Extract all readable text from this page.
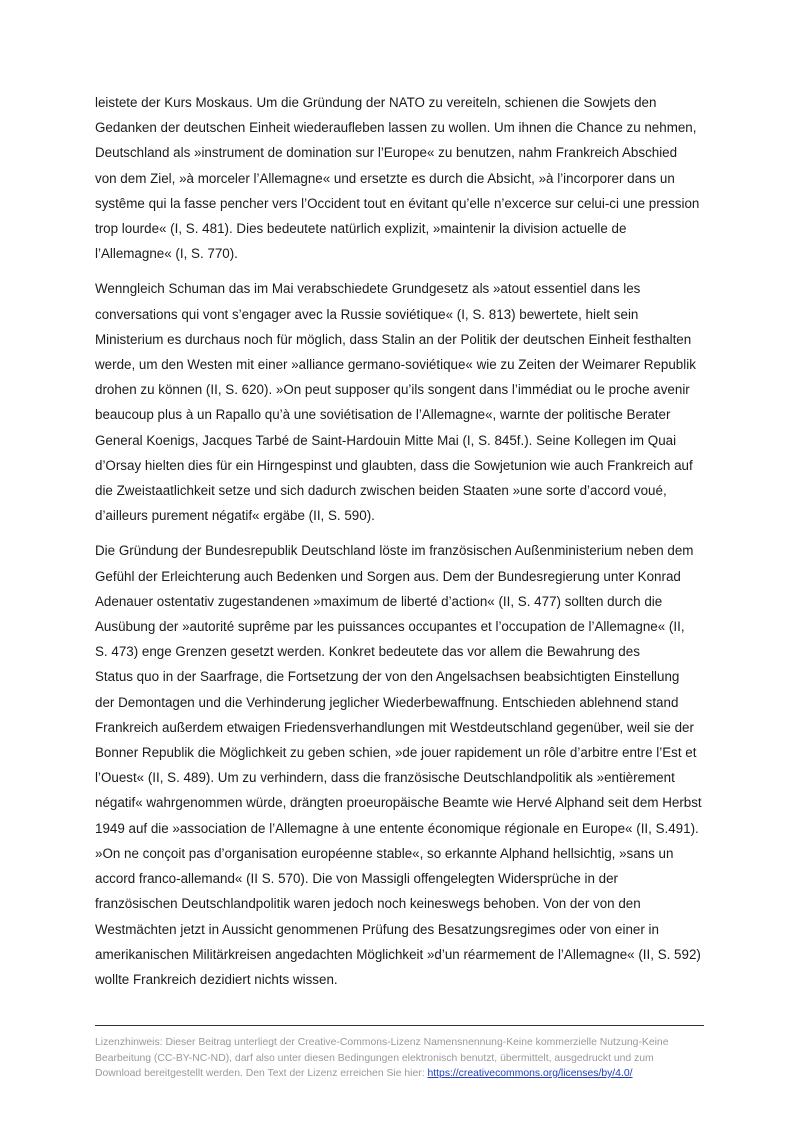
leistete der Kurs Moskaus. Um die Gründung der NATO zu vereiteln, schienen die Sowjets den
Gedanken der deutschen Einheit wiederaufleben lassen zu wollen. Um ihnen die Chance zu nehmen,
Deutschland als »instrument de domination sur l’Europe« zu benutzen, nahm Frankreich Abschied
von dem Ziel, »à morceler l’Allemagne« und ersetzte es durch die Absicht, »à l’incorporer dans un
systême qui la fasse pencher vers l’Occident tout en évitant qu’elle n’excerce sur celui-ci une pression
trop lourde« (I, S. 481). Dies bedeutete natürlich explizit, »maintenir la division actuelle de
l’Allemagne« (I, S. 770).

Wenngleich Schuman das im Mai verabschiedete Grundgesetz als »atout essentiel dans les
conversations qui vont s’engager avec la Russie soviétique« (I, S. 813) bewertete, hielt sein
Ministerium es durchaus noch für möglich, dass Stalin an der Politik der deutschen Einheit festhalten
werde, um den Westen mit einer »alliance germano-soviétique« wie zu Zeiten der Weimarer Republik
drohen zu können (II, S. 620). »On peut supposer qu’ils songent dans l’immédiat ou le proche avenir
beaucoup plus à un Rapallo qu’à une soviétisation de l’Allemagne«, warnte der politische Berater
General Koenigs, Jacques Tarbé de Saint-Hardouin Mitte Mai (I, S. 845f.). Seine Kollegen im Quai
d’Orsay hielten dies für ein Hirngespinst und glaubten, dass die Sowjetunion wie auch Frankreich auf
die Zweistaatlichkeit setze und sich dadurch zwischen beiden Staaten »une sorte d’accord voué,
d’ailleurs purement négatif« ergäbe (II, S. 590).

Die Gründung der Bundesrepublik Deutschland löste im französischen Außenministerium neben dem
Gefühl der Erleichterung auch Bedenken und Sorgen aus. Dem der Bundesregierung unter Konrad
Adenauer ostentativ zugestandenen »maximum de liberté d’action« (II, S. 477) sollten durch die
Ausübung der »autorité suprême par les puissances occupantes et l’occupation de l’Allemagne« (II,
S. 473) enge Grenzen gesetzt werden. Konkret bedeutete das vor allem die Bewahrung des
Status quo in der Saarfrage, die Fortsetzung der von den Angelsachsen beabsichtigten Einstellung
der Demontagen und die Verhinderung jeglicher Wiederbewaffnung. Entschieden ablehnend stand
Frankreich außerdem etwaigen Friedensverhandlungen mit Westdeutschland gegenüber, weil sie der
Bonner Republik die Möglichkeit zu geben schien, »de jouer rapidement un rôle d’arbitre entre l’Est et
l’Ouest« (II, S. 489). Um zu verhindern, dass die französische Deutschlandpolitik als »entièrement
négatif« wahrgenommen würde, drängten proeuropäische Beamte wie Hervé Alphand seit dem Herbst
1949 auf die »association de l’Allemagne à une entente économique régionale en Europe« (II, S.491).
»On ne conçoit pas d’organisation européenne stable«, so erkannte Alphand hellsichtig, »sans un
accord franco-allemand« (II S. 570). Die von Massigli offengelegten Widersprüche in der
französischen Deutschlandpolitik waren jedoch noch keineswegs behoben. Von der von den
Westmächten jetzt in Aussicht genommenen Prüfung des Besatzungsregimes oder von einer in
amerikanischen Militärkreisen angedachten Möglichkeit »d’un réarmement de l’Allemagne« (II, S. 592)
wollte Frankreich dezidiert nichts wissen.

Lizenzhinweis: Dieser Beitrag unterliegt der Creative-Commons-Lizenz Namensnennung-Keine kommerzielle Nutzung-Keine
Bearbeitung (CC-BY-NC-ND), darf also unter diesen Bedingungen elektronisch benutzt, übermittelt, ausgedruckt und zum
Download bereitgestellt werden. Den Text der Lizenz erreichen Sie hier: https://creativecommons.org/licenses/by/4.0/
